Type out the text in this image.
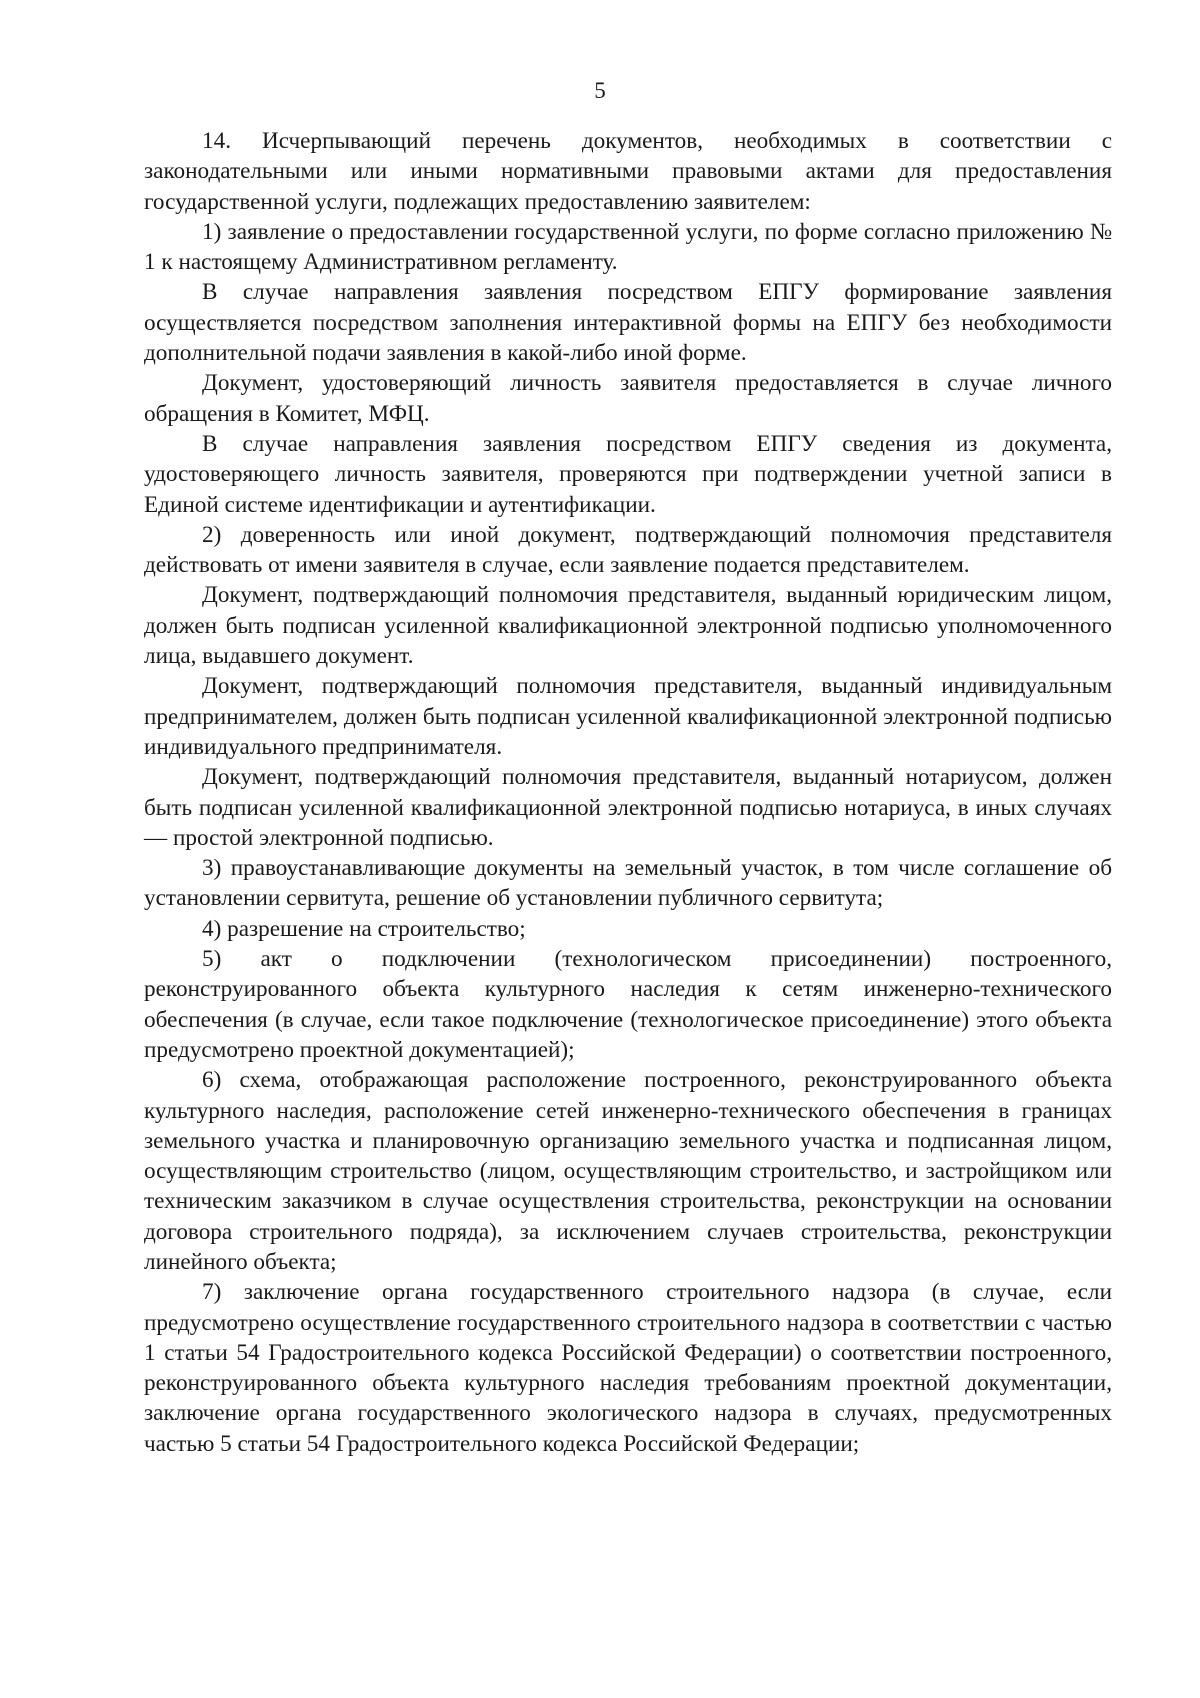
5

14. Исчерпывающий перечень документов, необходимых в соответствии с законодательными или иными нормативными правовыми актами для предоставления государственной услуги, подлежащих предоставлению заявителем:

1) заявление о предоставлении государственной услуги, по форме согласно приложению № 1 к настоящему Административном регламенту.

В случае направления заявления посредством ЕПГУ формирование заявления осуществляется посредством заполнения интерактивной формы на ЕПГУ без необходимости дополнительной подачи заявления в какой-либо иной форме.

Документ, удостоверяющий личность заявителя предоставляется в случае личного обращения в Комитет, МФЦ.

В случае направления заявления посредством ЕПГУ сведения из документа, удостоверяющего личность заявителя, проверяются при подтверждении учетной записи в Единой системе идентификации и аутентификации.

2) доверенность или иной документ, подтверждающий полномочия представителя действовать от имени заявителя в случае, если заявление подается представителем.

Документ, подтверждающий полномочия представителя, выданный юридическим лицом, должен быть подписан усиленной квалификационной электронной подписью уполномоченного лица, выдавшего документ.

Документ, подтверждающий полномочия представителя, выданный индивидуальным предпринимателем, должен быть подписан усиленной квалификационной электронной подписью индивидуального предпринимателя.

Документ, подтверждающий полномочия представителя, выданный нотариусом, должен быть подписан усиленной квалификационной электронной подписью нотариуса, в иных случаях — простой электронной подписью.

3) правоустанавливающие документы на земельный участок, в том числе соглашение об установлении сервитута, решение об установлении публичного сервитута;

4) разрешение на строительство;

5) акт о подключении (технологическом присоединении) построенного, реконструированного объекта культурного наследия к сетям инженерно-технического обеспечения (в случае, если такое подключение (технологическое присоединение) этого объекта предусмотрено проектной документацией);

6) схема, отображающая расположение построенного, реконструированного объекта культурного наследия, расположение сетей инженерно-технического обеспечения в границах земельного участка и планировочную организацию земельного участка и подписанная лицом, осуществляющим строительство (лицом, осуществляющим строительство, и застройщиком или техническим заказчиком в случае осуществления строительства, реконструкции на основании договора строительного подряда), за исключением случаев строительства, реконструкции линейного объекта;

7) заключение органа государственного строительного надзора (в случае, если предусмотрено осуществление государственного строительного надзора в соответствии с частью 1 статьи 54 Градостроительного кодекса Российской Федерации) о соответствии построенного, реконструированного объекта культурного наследия требованиям проектной документации, заключение органа государственного экологического надзора в случаях, предусмотренных частью 5 статьи 54 Градостроительного кодекса Российской Федерации;
